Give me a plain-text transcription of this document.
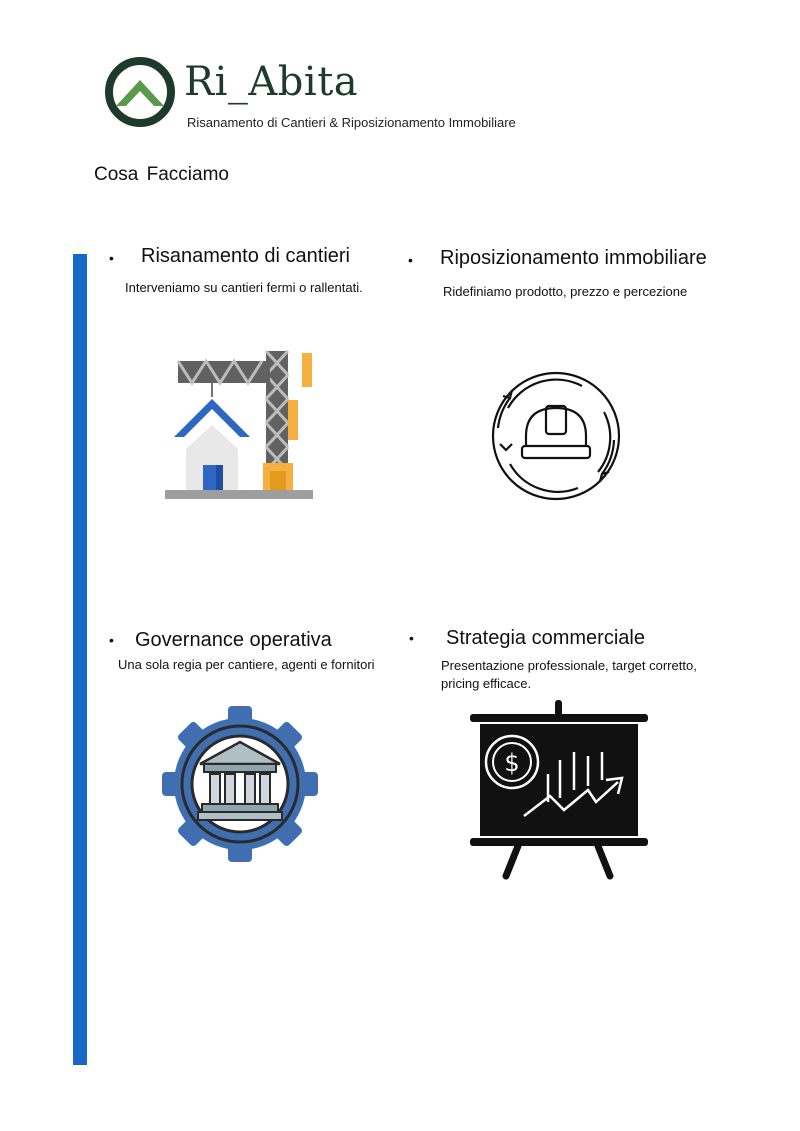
Ri_Abita
Risanamento di Cantieri & Riposizionamento Immobiliare
Cosa Facciamo
• Risanamento di cantieri
Interveniamo su cantieri fermi o rallentati.
• Riposizionamento immobiliare
Ridefiniamo prodotto, prezzo e percezione
• Governance operativa
Una sola regia per cantiere, agenti e fornitori
• Strategia commerciale
Presentazione professionale, target corretto,
pricing efficace.
$
